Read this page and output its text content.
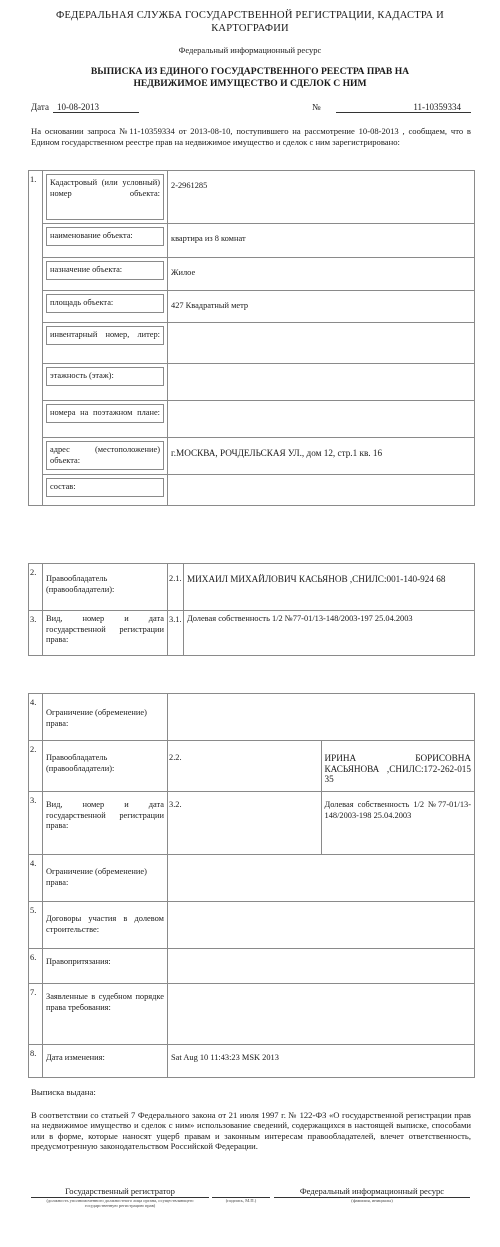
ФЕДЕРАЛЬНАЯ СЛУЖБА ГОСУДАРСТВЕННОЙ РЕГИСТРАЦИИ, КАДАСТРА И КАРТОГРАФИИ
Федеральный информационный ресурс
ВЫПИСКА ИЗ ЕДИНОГО ГОСУДАРСТВЕННОГО РЕЕСТРА ПРАВ НА
НЕДВИЖИМОЕ ИМУЩЕСТВО И СДЕЛОК С НИМ
Дата 10-08-2013	№	11-10359334
На основании запроса №11-10359334 от 2013-08-10, поступившего на рассмотрение 10-08-2013 , сообщаем, что в Едином государственном реестре прав на недвижимое имущество и сделок с ним зарегистрировано:
1.	Кадастровый (или условный) номер объекта:	2-2961285

	наименование объекта:	квартира из 8 комнат

	назначение объекта:	Жилое

	площадь объекта:	427 Квадратный метр

	инвентарный номер, литер:	

	этажность (этаж):	

	номера на поэтажном плане:	

	адрес (местоположение) объекта:	г.МОСКВА, РОЧДЕЛЬСКАЯ УЛ., дом 12, стр.1 кв. 16

	состав:	

2.	Правообладатель (правообладатели):	2.1.	МИХАИЛ МИХАЙЛОВИЧ КАСЬЯНОВ ,СНИЛС:001-140-924 68
3.	Вид, номер и дата государственной регистрации права:	3.1.	Долевая собственность 1/2 №77-01/13-148/2003-197 25.04.2003
4.	Ограничение (обременение) права:		
2.	Правообладатель (правообладатели):	2.2.	ИРИНА БОРИСОВНА КАСЬЯНОВА ,СНИЛС:172-262-015 35
3.	Вид, номер и дата государственной регистрации права:	3.2.	Долевая собственность 1/2 №77-01/13-148/2003-198 25.04.2003
4.	Ограничение (обременение) права:		
5.	Договоры участия в долевом строительстве:		
6.	Правопритязания:		
7.	Заявленные в судебном порядке права требования:		
8.	Дата изменения:	Sat Aug 10 11:43:23 MSK 2013	
Выписка выдана:
В соответствии со статьей 7 Федерального закона от 21 июля 1997 г. № 122-ФЗ «О государственной регистрации прав на недвижимое имущество и сделок с ним» использование сведений, содержащихся в настоящей выписке, способами или в форме, которые наносят ущерб правам и законным интересам правообладателей, влечет ответственность, предусмотренную законодательством Российской Федерации.
Государственный регистратор
(должность уполномоченного должностного лица органа, осуществляющего государственную регистрацию прав)
(подпись, М.П.)
Федеральный информационный ресурс
(фамилия, инициалы)
